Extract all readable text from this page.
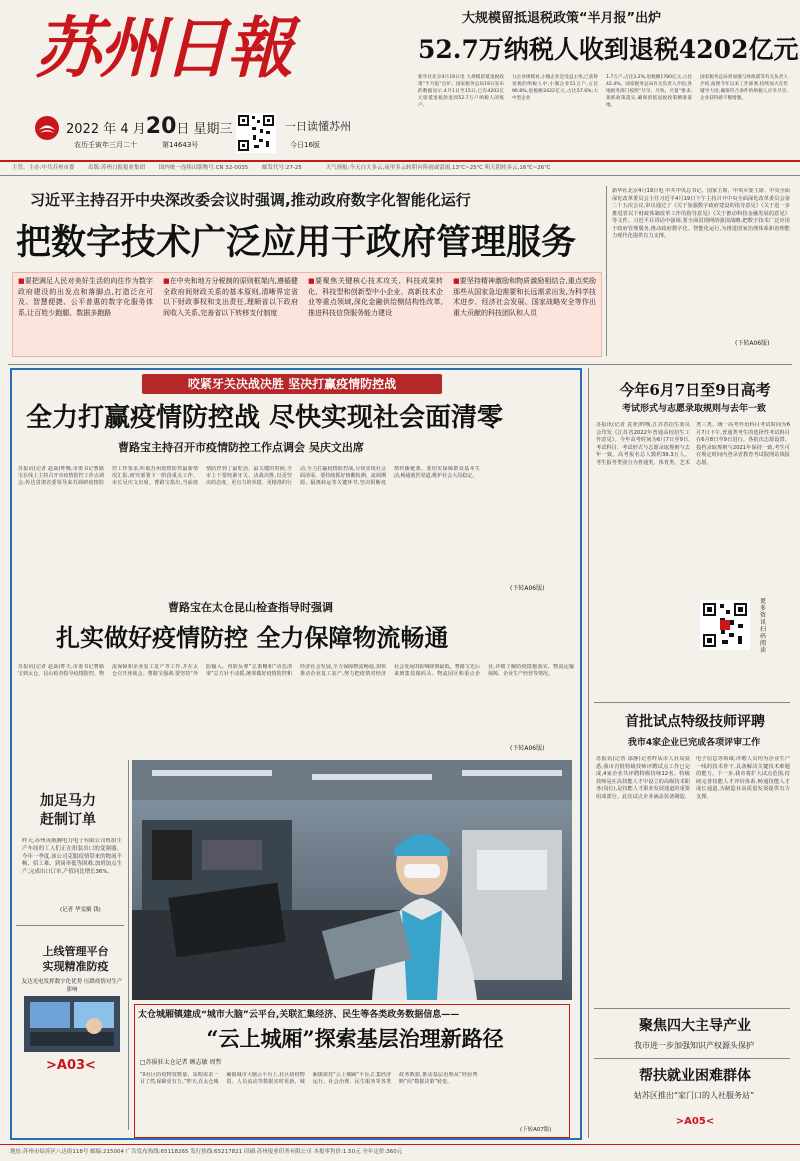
苏州日報
2022 年 4 月20日 星期三
农历壬寅年三月二十	第14643号
一日读懂苏州
今日16版
大规模留抵退税政策“半月报”出炉
52.7万纳税人收到退税4202亿元
新华社北京4月19日电 大规模留抵退税政策“半月报”出炉。国家税务总局19日发布的数据显示,4月1日至15日,已有4202亿元留抵退税款退到52.7万户纳税人的账户。
分企业规模看,小微企业是受益主体,已获得退税的纳税人中,小微企业51万户,占比96.8%,退税额2422亿元,占比57.6%;大中型企业
1.7万户,占比3.2%,退税额1780亿元,占比42.4%。国家税务总局有关负责人介绍,各地税务部门按照“尽早、尽快、尽量”要求,狠抓政策落实,确保留抵退税政策精准落地。
国家税务总局将加强与财政部等有关负责人介绍,按照今年以来工作部署,持续加大宣传辅导力度,确保符合条件的纳税人应享尽享,企业获得感不断增强。
主管、主办:中共苏州市委	出版:苏州日报报业集团	国内统一连续出版物号:CN 32-0035	邮发代号:27-25	天气预报:今天白天多云,夜里多云转阴有阵雨或雷雨,13℃~25℃ 明天阴转多云,16℃~26℃
习近平主持召开中央深改委会议时强调,推动政府数字化智能化运行
把数字技术广泛应用于政府管理服务
■要把满足人民对美好生活的向往作为数字政府建设的出发点和落脚点,打造泛在可及、智慧便捷、公平普惠的数字化服务体系,让百姓少跑腿、数据多跑路
■在中央和地方分税制的原则框架内,遵循健全政府间财政关系的基本原则,清晰界定省以下财政事权和支出责任,理顺省以下政府间收入关系,完善省以下转移支付制度
■要聚焦关键核心技术攻关、科技成果转化、科技型和创新型中小企业、高新技术企业等重点领域,深化金融供给侧结构性改革,推进科技信贷服务能力建设
■要坚持精神激励和物质激励相结合,重点奖励那些从国家急迫需要和长远需求出发,为科学技术进步、经济社会发展、国家战略安全等作出重大贡献的科技团队和人员
新华社北京4月19日电 中共中央总书记、国家主席、中央军委主席、中央全面深化改革委员会主任习近平4月19日下午主持召开中央全面深化改革委员会第二十五次会议,审议通过了《关于加强数字政府建设的指导意见》《关于进一步推进省以下财政体制改革工作的指导意见》《关于推动科技金融发展的意见》等文件。习近平在讲话中强调,要全面贯彻网络强国战略,把数字技术广泛应用于政府管理服务,推动政府数字化、智能化运行,为推进国家治理体系和治理能力现代化提供有力支撑。
(下转A06版)
咬紧牙关决战决胜 坚决打赢疫情防控战
全力打赢疫情防控战 尽快实现社会面清零
曹路宝主持召开市疫情防控工作点调会 吴庆文出席
苏报讯(记者 赵焱)昨晚,市委书记曹路宝在线上主持召开市疫情防控工作点调会,传达贯彻省委领导来苏调研疫情防控工作要求,听取苏州疫情防控最新情况汇报,研究部署下一阶段重点工作。市长吴庆文出席。曹路宝指出,当前疫情防控到了最吃劲、最关键的时候,全市上下要咬紧牙关、决战决胜,以更坚决的态度、更有力的举措、更精准的行动,全力打赢疫情防控战,尽快实现社会面清零。要持续抓好核酸检测、流调溯源、隔离转运等关键环节,坚决阻断疫情传播链条。要切实保障群众基本生活,畅通就医渠道,维护社会大局稳定。
(下转A06版)
曹路宝在太仓昆山检查指导时强调
扎实做好疫情防控 全力保障物流畅通
苏报讯(记者 赵焱)昨天,市委书记曹路宝到太仓、昆山检查指导疫情防控、物流保障和企业复工复产等工作,并在太仓召开座谈会。曹路宝强调,要坚持“外防输入、内防反弹”总策略和“动态清零”总方针不动摇,统筹做好疫情防控和经济社会发展,全力保障物流畅通,加快推动企业复工复产,努力把疫情对经济社会发展的影响降到最低。曹路宝先后来到集装箱码头、物流园区和重点企业,详细了解防疫措施落实、物流运输保障、企业生产经营等情况。
(下转A06版)
加足马力
赶制订单
昨天,苏州英威腾电力电子有限公司机组生产车间的工人们正在组装出口的变频器。今年一季度,该公司克服疫情带来的物流不畅、招工难、到岗率低等困难,加班加点生产,完成出口订单,产值同比增长36%。
(记者 华雯摄 钱)
上线管理平台
实现精准防疫
友达光电发挥数字化优势 压降疫情对生产影响
>A03<
太仓城厢镇建成“城市大脑”云平台,关联汇集经济、民生等各类政务数据信息——
“云上城厢”探索基层治理新路径
□苏报驻太仓记者 顾志敏 周哲
“X社区防疫物资数量、采购需求一目了然,保障更有力。”昨天,在太仓城厢镇城市大脑云平台上,社区防疫物资、人员流动等数据实时更新。城厢镇依托“云上城厢”平台,汇集经济运行、社会治理、民生服务等各类政务数据,推动基层治理从“经验判断”向“数据决策”转变。
(下转A07版)
今年6月7日至9日高考
考试形式与志愿录取规则与去年一致
苏报讯(记者 袁亚)昨晚,江苏省招生委员会印发《江苏省2022年普通高校招生工作意见》。今年高考时间为6月7日至9日,考试科目、考试形式与志愿录取规则与去年一致。高考报名总人数约39.3万人。考生报考类别分为普通类、体育类、艺术类三类。统一高考外语科目考试时间为6月7日下午,普通类考生的选择性考试科目在6月8日至9日进行。各批次志愿设置、投档录取规则与2021年保持一致,考生可在规定时间内登录省教育考试院网站填报志愿。
更多资讯 扫码阅读
首批试点特级技师评聘
我市4家企业已完成各项评审工作
苏报讯(记者 邵静)记者昨从市人社局获悉,我市首批特级技师评聘试点工作已完成,4家企业共评聘特级技师12名。特级技师是在高技能人才中设立的高级技术职务(岗位),是技能人才职业发展通道的重要组成部分。此次试点企业涵盖装备制造、电子信息等领域,评聘人员均为企业生产一线的技术骨干,具备解决关键技术难题的能力。下一步,我市将扩大试点范围,持续完善技能人才评价体系,畅通技能人才成长通道,为制造业高质量发展提供有力支撑。
聚焦四大主导产业
我市进一步加强知识产权源头保护
帮扶就业困难群体
姑苏区推出“家门口的人社服务站”
>A05<
地址:苏州市姑苏区八达街118号 邮编:215004 广告发布热线:65118265 发行热线:65217821 印刷:苏州报业印务有限公司 本报零售价:1.50元 全年定价:360元
